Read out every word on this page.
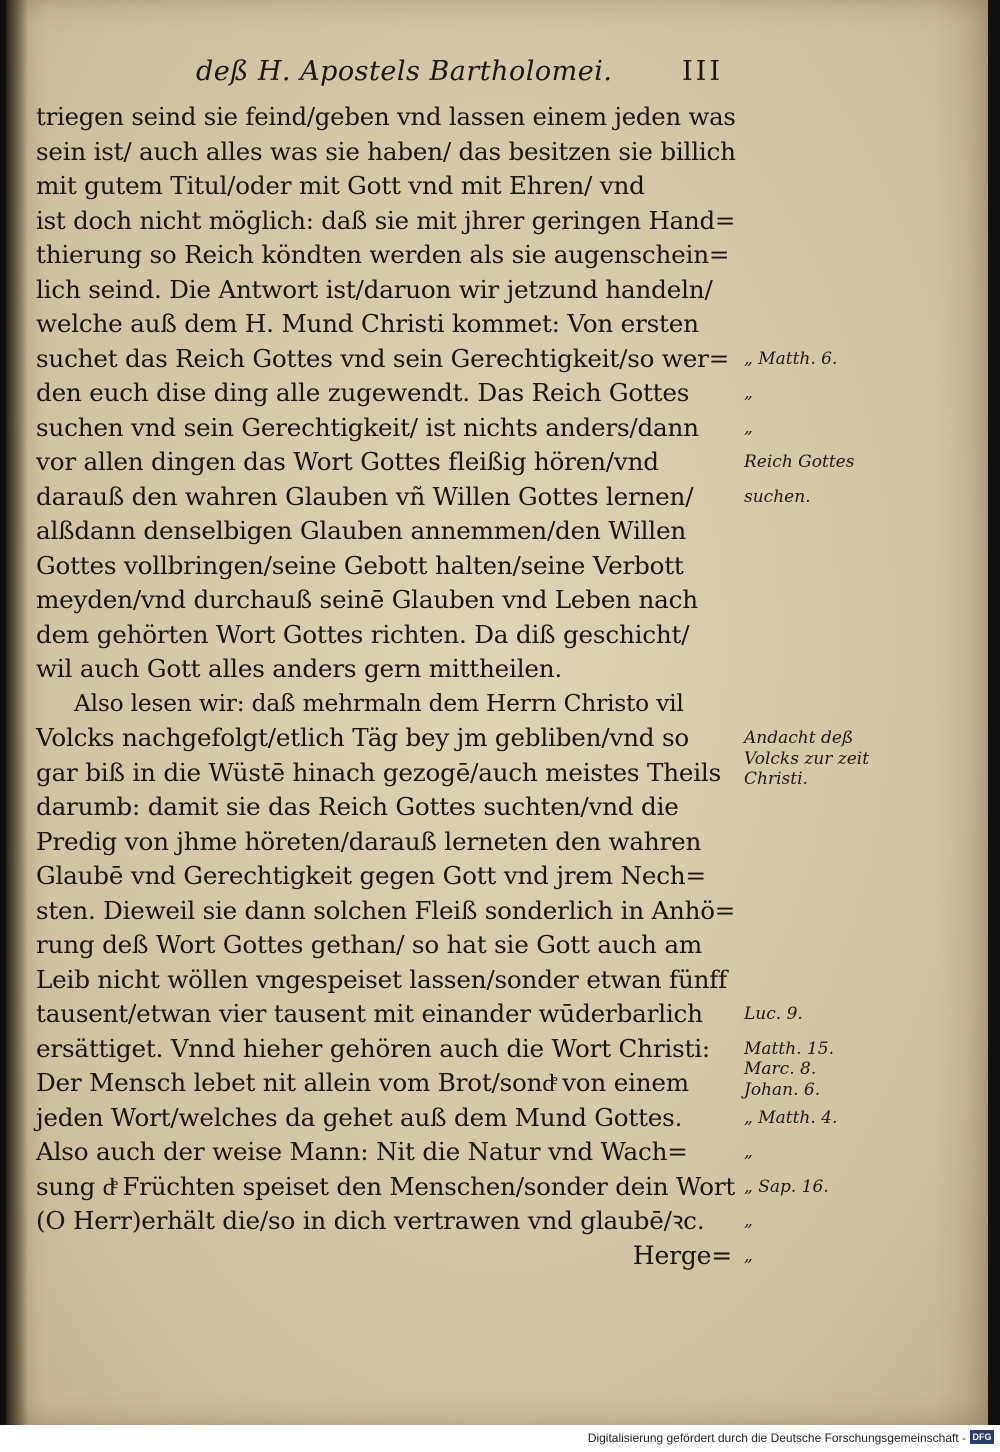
deß H. Apostels Bartholomei.	III
triegen seind sie feind/geben vnd lassen einem jeden was
sein ist/ auch alles was sie haben/ das besitzen sie billich
mit gutem Titul/oder mit Gott vnd mit Ehren/ vnd
ist doch nicht möglich: daß sie mit jhrer geringen Hand=
thierung so Reich köndten werden als sie augenschein=
lich seind. Die Antwort ist/daruon wir jetzund handeln/
welche auß dem H. Mund Christi kommet: Von ersten
suchet das Reich Gottes vnd sein Gerechtigkeit/so wer=
den euch dise ding alle zugewendt. Das Reich Gottes
suchen vnd sein Gerechtigkeit/ ist nichts anders/dann
vor allen dingen das Wort Gottes fleißig hören/vnd
darauß den wahren Glauben vñ Willen Gottes lernen/
alßdann denselbigen Glauben annemmen/den Willen
Gottes vollbringen/seine Gebott halten/seine Verbott
meyden/vnd durchauß seinē Glauben vnd Leben nach
dem gehörten Wort Gottes richten. Da diß geschicht/
wil auch Gott alles anders gern mittheilen.
Also lesen wir: daß mehrmaln dem Herrn Christo vil
Volcks nachgefolgt/etlich Täg bey jm gebliben/vnd so
gar biß in die Wüstē hinach gezogē/auch meistes Theils
darumb: damit sie das Reich Gottes suchten/vnd die
Predig von jhme höreten/darauß lerneten den wahren
Glaubē vnd Gerechtigkeit gegen Gott vnd jrem Nech=
sten. Dieweil sie dann solchen Fleiß sonderlich in Anhö=
rung deß Wort Gottes gethan/ so hat sie Gott auch am
Leib nicht wöllen vngespeiset lassen/sonder etwan fünff
tausent/etwan vier tausent mit einander wūderbarlich
ersättiget. Vnnd hieher gehören auch die Wort Christi:
Der Mensch lebet nit allein vom Brot/sondͤ von einem
jeden Wort/welches da gehet auß dem Mund Gottes.
Also auch der weise Mann: Nit die Natur vnd Wach=
sung dͤ Früchten speiset den Menschen/sonder dein Wort
(O Herr)erhält die/so in dich vertrawen vnd glaubē/ꝛc.
Herge=
„ Matth. 6.
„
„
Reich Gottes
suchen.
Andacht deß
Volcks zur zeit
Christi.
Luc. 9.
Matth. 15.
Marc. 8.
Johan. 6.
„ Matth. 4.
„
„ Sap. 16.
„
„
Digitalisierung gefördert durch die Deutsche Forschungsgemeinschaft - DFG
